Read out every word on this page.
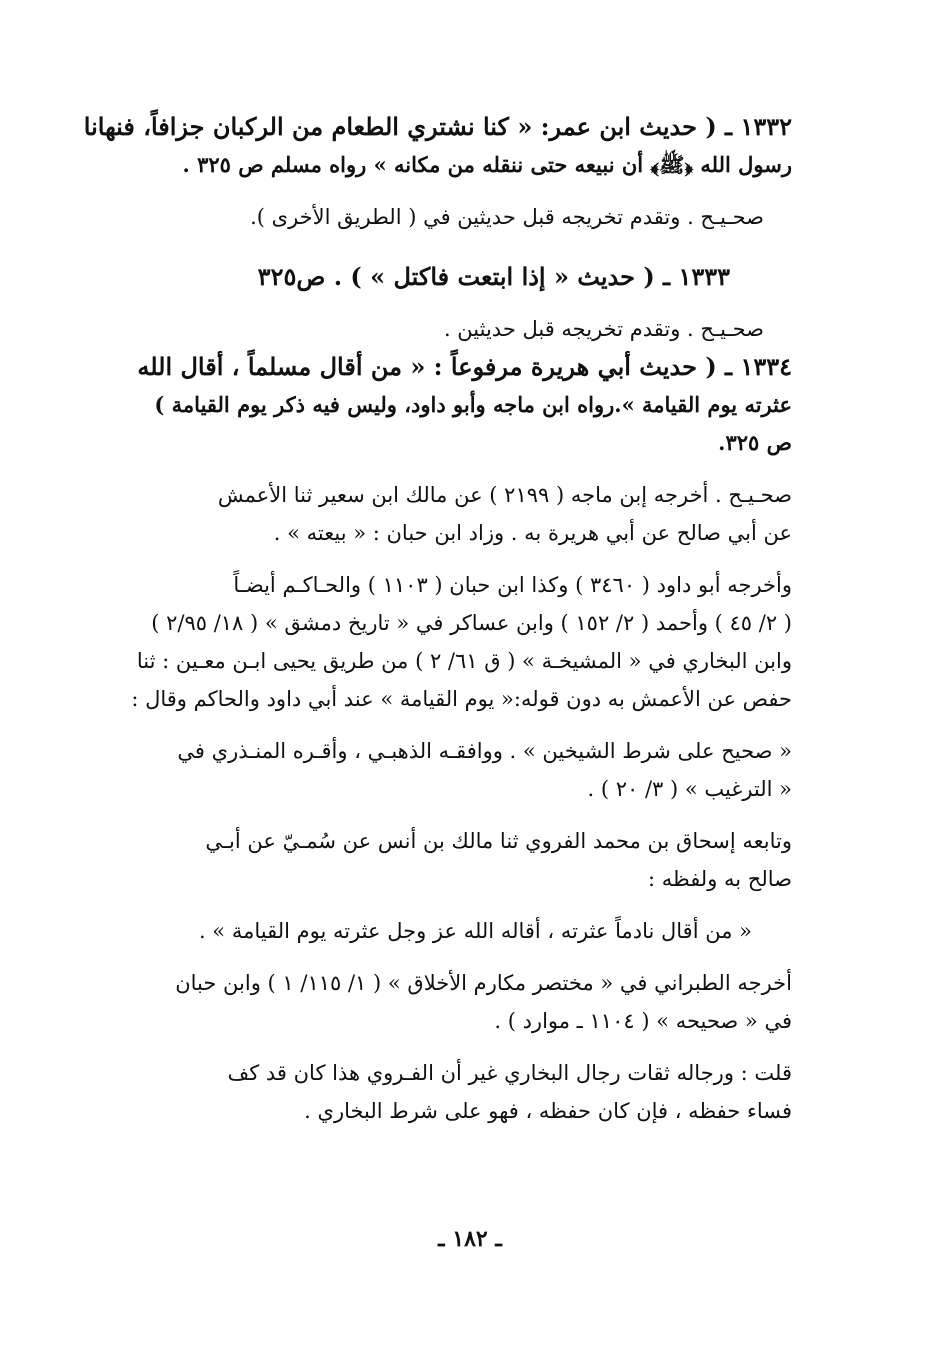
١٣٣٢ ـ ( حديث ابن عمر: « كنا نشتري الطعام من الركبان جزافاً، فنهانا
رسول الله ﴿ﷺ﴾ أن نبيعه حتى ننقله من مكانه » رواه مسلم ص ٣٢٥ .
صحـيـح . وتقدم تخريجه قبل حديثين في ( الطريق الأخرى ).
١٣٣٣ ـ ( حديث « إذا ابتعت فاكتل » ) . ص٣٢٥
صحـيـح . وتقدم تخريجه قبل حديثين .
١٣٣٤ ـ ( حديث أبي هريرة مرفوعاً : « من أقال مسلماً ، أقال الله
عثرته يوم القيامة ».رواه ابن ماجه وأبو داود، وليس فيه ذكر يوم القيامة )
ص ٣٢٥.
صحـيـح . أخرجه إبن ماجه ( ٢١٩٩ ) عن مالك ابن سعير ثنا الأعمش
عن أبي صالح عن أبي هريرة به . وزاد ابن حبان : « بيعته » .
وأخرجه أبو داود ( ٣٤٦٠ ) وكذا ابن حبان ( ١١٠٣ ) والحـاكـم أيضـاً
( ٢/ ٤٥ ) وأحمد ( ٢/ ١٥٢ ) وابن عساكر في « تاريخ دمشق » ( ١٨/ ٢/٩٥ )
وابن البخاري في « المشيخـة » ( ق ٦١/ ٢ ) من طريق يحيى ابـن معـين : ثنا
حفص عن الأعمش به دون قوله:« يوم القيامة » عند أبي داود والحاكم وقال :
« صحيح على شرط الشيخين » . ووافقـه الذهبـي ، وأقـره المنـذري في
« الترغيب » ( ٣/ ٢٠ ) .
وتابعه إسحاق بن محمد الفروي ثنا مالك بن أنس عن سُمـيّ عن أبـي
صالح به ولفظه :
« من أقال نادماً عثرته ، أقاله الله عز وجل عثرته يوم القيامة » .
أخرجه الطبراني في « مختصر مكارم الأخلاق » ( ١/ ١١٥/ ١ ) وابن حبان
في « صحيحه » ( ١١٠٤ ـ موارد ) .
قلت : ورجاله ثقات رجال البخاري غير أن الفـروي هذا كان قد كف
فساء حفظه ، فإن كان حفظه ، فهو على شرط البخاري .
ـ ١٨٢ ـ
